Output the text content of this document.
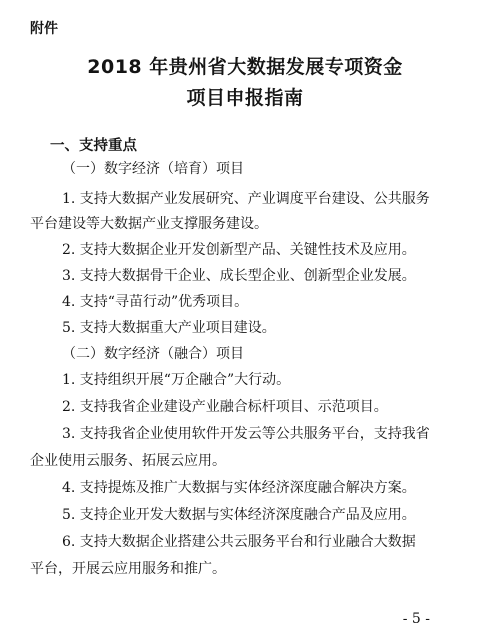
附件
2018 年贵州省大数据发展专项资金
项目申报指南
一、支持重点
（一）数字经济（培育）项目
1. 支持大数据产业发展研究、产业调度平台建设、公共服务
平台建设等大数据产业支撑服务建设。
2. 支持大数据企业开发创新型产品、关键性技术及应用。
3. 支持大数据骨干企业、成长型企业、创新型企业发展。
4. 支持“寻苗行动”优秀项目。
5. 支持大数据重大产业项目建设。
（二）数字经济（融合）项目
1. 支持组织开展“万企融合”大行动。
2. 支持我省企业建设产业融合标杆项目、示范项目。
3. 支持我省企业使用软件开发云等公共服务平台，支持我省
企业使用云服务、拓展云应用。
4. 支持提炼及推广大数据与实体经济深度融合解决方案。
5. 支持企业开发大数据与实体经济深度融合产品及应用。
6. 支持大数据企业搭建公共云服务平台和行业融合大数据
平台，开展云应用服务和推广。
- 5 -
